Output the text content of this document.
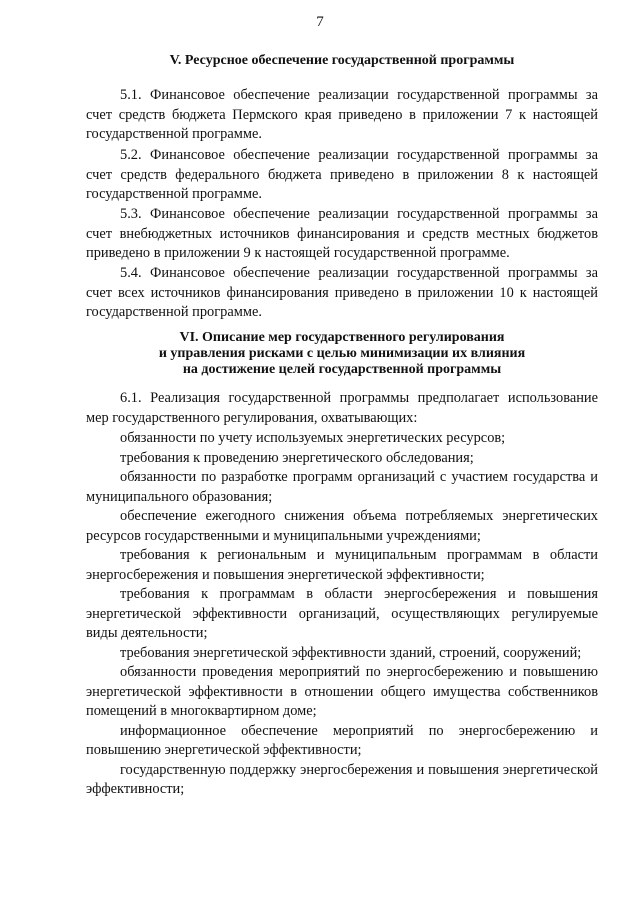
7
V. Ресурсное обеспечение государственной программы

5.1. Финансовое обеспечение реализации государственной программы за счет средств бюджета Пермского края приведено в приложении 7 к настоящей государственной программе.

5.2. Финансовое обеспечение реализации государственной программы за счет средств федерального бюджета приведено в приложении 8 к настоящей государственной программе.

5.3. Финансовое обеспечение реализации государственной программы за счет внебюджетных источников финансирования и средств местных бюджетов приведено в приложении 9 к настоящей государственной программе.

5.4. Финансовое обеспечение реализации государственной программы за счет всех источников финансирования приведено в приложении 10 к настоящей государственной программе.

VI. Описание мер государственного регулирования
и управления рисками с целью минимизации их влияния
на достижение целей государственной программы

6.1. Реализация государственной программы предполагает использование мер государственного регулирования, охватывающих:

обязанности по учету используемых энергетических ресурсов;

требования к проведению энергетического обследования;

обязанности по разработке программ организаций с участием государства и муниципального образования;

обеспечение ежегодного снижения объема потребляемых энергетических ресурсов государственными и муниципальными учреждениями;

требования к региональным и муниципальным программам в области энергосбережения и повышения энергетической эффективности;

требования к программам в области энергосбережения и повышения энергетической эффективности организаций, осуществляющих регулируемые виды деятельности;

требования энергетической эффективности зданий, строений, сооружений;

обязанности проведения мероприятий по энергосбережению и повышению энергетической эффективности в отношении общего имущества собственников помещений в многоквартирном доме;

информационное обеспечение мероприятий по энергосбережению и повышению энергетической эффективности;

государственную поддержку энергосбережения и повышения энергетической эффективности;
